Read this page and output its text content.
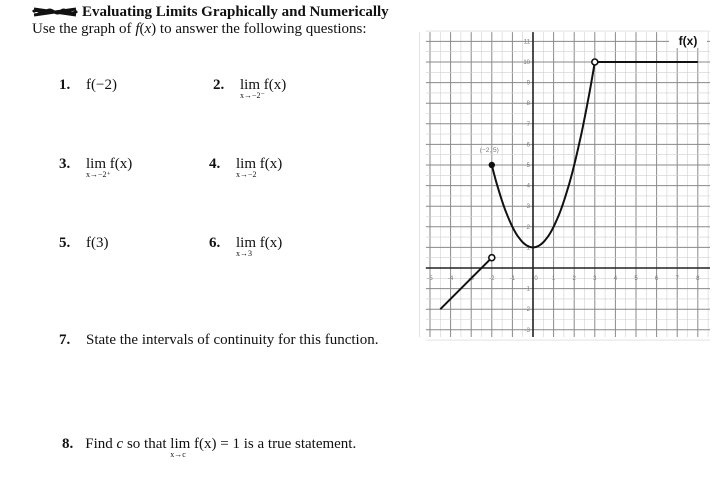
Evaluating Limits Graphically and Numerically
Use the graph of f(x) to answer the following questions:
1. f(−2)	2. lim
x→−2⁻
f(x)
3. lim
x→−2⁺
f(x)	4. lim
x→−2
f(x)
5. f(3)	6. lim
x→3
f(x)
7. State the intervals of continuity for this function.
8. Find c so that lim
x→c
f(x) = 1 is a true statement.
-5	-4	-3	-2	-1	0 1	2	3	4	5	6	7	8
11
10
9
8
7
6
5
4
3
2
1
-1
-2
-3
f(x)
(−2, 5)
